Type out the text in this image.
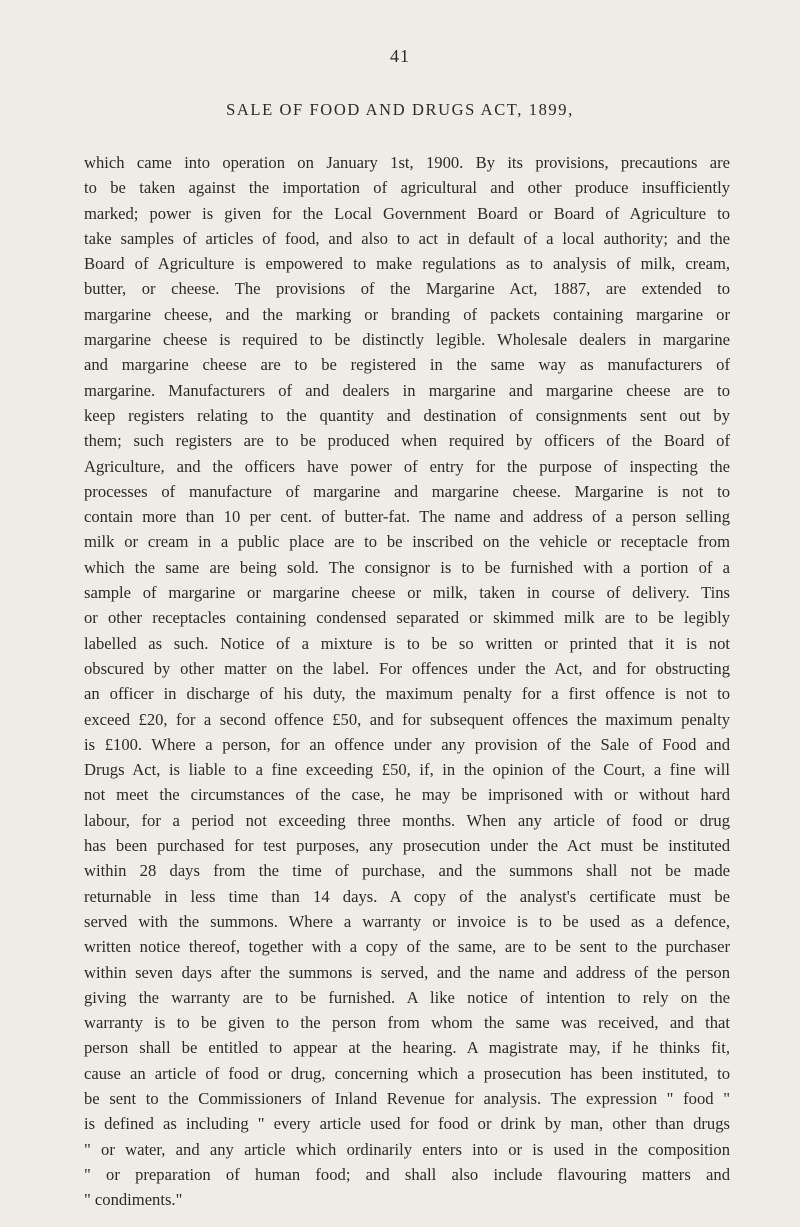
41
SALE OF FOOD AND DRUGS ACT, 1899,
which came into operation on January 1st, 1900. By its provisions, precautions are
to be taken against the importation of agricultural and other produce insufficiently
marked; power is given for the Local Government Board or Board of Agriculture to
take samples of articles of food, and also to act in default of a local authority; and the
Board of Agriculture is empowered to make regulations as to analysis of milk, cream,
butter, or cheese. The provisions of the Margarine Act, 1887, are extended to
margarine cheese, and the marking or branding of packets containing margarine or
margarine cheese is required to be distinctly legible. Wholesale dealers in margarine
and margarine cheese are to be registered in the same way as manufacturers of
margarine. Manufacturers of and dealers in margarine and margarine cheese are to
keep registers relating to the quantity and destination of consignments sent out by
them; such registers are to be produced when required by officers of the Board of
Agriculture, and the officers have power of entry for the purpose of inspecting the
processes of manufacture of margarine and margarine cheese. Margarine is not to
contain more than 10 per cent. of butter-fat. The name and address of a person selling
milk or cream in a public place are to be inscribed on the vehicle or receptacle from
which the same are being sold. The consignor is to be furnished with a portion of a
sample of margarine or margarine cheese or milk, taken in course of delivery. Tins
or other receptacles containing condensed separated or skimmed milk are to be legibly
labelled as such. Notice of a mixture is to be so written or printed that it is not
obscured by other matter on the label. For offences under the Act, and for obstructing
an officer in discharge of his duty, the maximum penalty for a first offence is not to
exceed £20, for a second offence £50, and for subsequent offences the maximum penalty
is £100. Where a person, for an offence under any provision of the Sale of Food and
Drugs Act, is liable to a fine exceeding £50, if, in the opinion of the Court, a fine will
not meet the circumstances of the case, he may be imprisoned with or without hard
labour, for a period not exceeding three months. When any article of food or drug
has been purchased for test purposes, any prosecution under the Act must be instituted
within 28 days from the time of purchase, and the summons shall not be made
returnable in less time than 14 days. A copy of the analyst's certificate must be
served with the summons. Where a warranty or invoice is to be used as a defence,
written notice thereof, together with a copy of the same, are to be sent to the purchaser
within seven days after the summons is served, and the name and address of the person
giving the warranty are to be furnished. A like notice of intention to rely on the
warranty is to be given to the person from whom the same was received, and that
person shall be entitled to appear at the hearing. A magistrate may, if he thinks fit,
cause an article of food or drug, concerning which a prosecution has been instituted, to
be sent to the Commissioners of Inland Revenue for analysis. The expression " food "
is defined as including " every article used for food or drink by man, other than drugs
" or water, and any article which ordinarily enters into or is used in the composition
" or preparation of human food; and shall also include flavouring matters and
" condiments."
